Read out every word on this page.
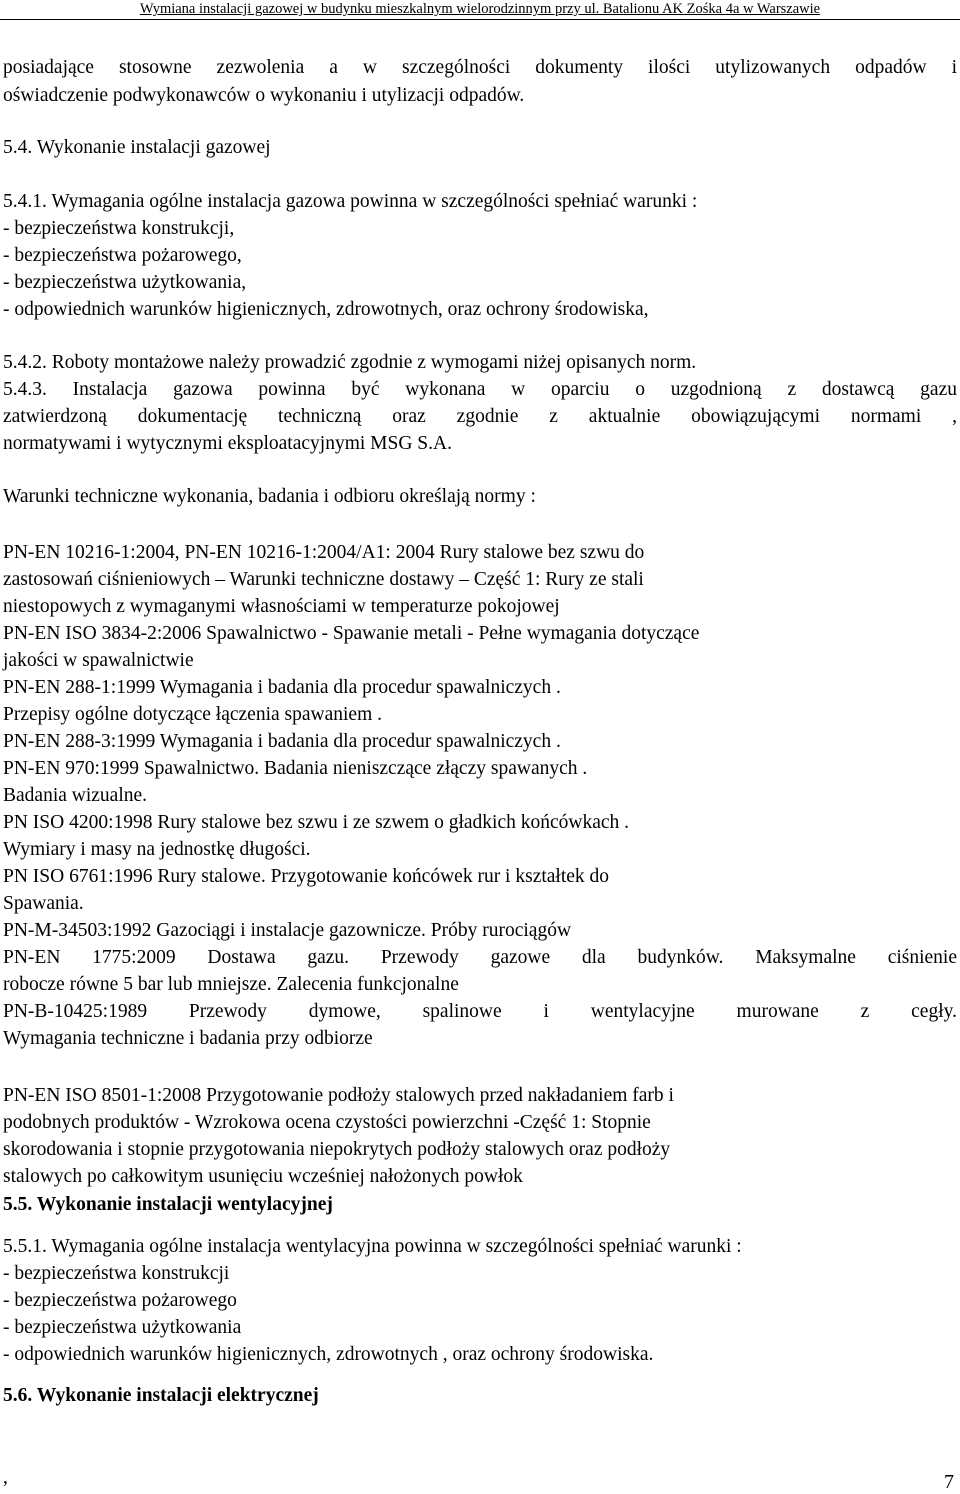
Wymiana instalacji gazowej w budynku mieszkalnym wielorodzinnym przy ul. Batalionu AK Zośka 4a w Warszawie
posiadające stosowne zezwolenia a w szczególności dokumenty ilości utylizowanych odpadów i
oświadczenie podwykonawców o wykonaniu i utylizacji odpadów.
5.4. Wykonanie instalacji gazowej
5.4.1. Wymagania ogólne instalacja gazowa powinna w szczególności spełniać warunki :
- bezpieczeństwa konstrukcji,
- bezpieczeństwa pożarowego,
- bezpieczeństwa użytkowania,
- odpowiednich warunków higienicznych, zdrowotnych, oraz ochrony środowiska,
5.4.2. Roboty montażowe należy prowadzić zgodnie z wymogami niżej opisanych norm.
5.4.3. Instalacja gazowa powinna być wykonana w oparciu o uzgodnioną z dostawcą gazu
zatwierdzoną dokumentację techniczną oraz zgodnie z aktualnie obowiązującymi normami ,
normatywami i wytycznymi eksploatacyjnymi MSG S.A.
Warunki techniczne wykonania, badania i odbioru określają normy :
PN-EN 10216-1:2004, PN-EN 10216-1:2004/A1: 2004 Rury stalowe bez szwu do
zastosowań ciśnieniowych – Warunki techniczne dostawy – Część 1: Rury ze stali
niestopowych z wymaganymi własnościami w temperaturze pokojowej
PN-EN ISO 3834-2:2006 Spawalnictwo - Spawanie metali - Pełne wymagania dotyczące
jakości w spawalnictwie
PN-EN 288-1:1999 Wymagania i badania dla procedur spawalniczych .
Przepisy ogólne dotyczące łączenia spawaniem .
PN-EN 288-3:1999 Wymagania i badania dla procedur spawalniczych .
PN-EN 970:1999 Spawalnictwo. Badania nieniszczące złączy spawanych .
Badania wizualne.
PN ISO 4200:1998 Rury stalowe bez szwu i ze szwem o gładkich końcówkach .
Wymiary i masy na jednostkę długości.
PN ISO 6761:1996 Rury stalowe. Przygotowanie końcówek rur i kształtek do
Spawania.
PN-M-34503:1992 Gazociągi i instalacje gazownicze. Próby rurociągów
PN-EN 1775:2009 Dostawa gazu. Przewody gazowe dla budynków. Maksymalne ciśnienie
robocze równe 5 bar lub mniejsze. Zalecenia funkcjonalne
PN-B-10425:1989 Przewody dymowe, spalinowe i wentylacyjne murowane z cegły.
Wymagania techniczne i badania przy odbiorze
PN-EN ISO 8501-1:2008 Przygotowanie podłoży stalowych przed nakładaniem farb i
podobnych produktów - Wzrokowa ocena czystości powierzchni -Część 1: Stopnie
skorodowania i stopnie przygotowania niepokrytych podłoży stalowych oraz podłoży
stalowych po całkowitym usunięciu wcześniej nałożonych powłok
5.5. Wykonanie instalacji wentylacyjnej
5.5.1. Wymagania ogólne instalacja wentylacyjna powinna w szczególności spełniać warunki :
- bezpieczeństwa konstrukcji
- bezpieczeństwa pożarowego
- bezpieczeństwa użytkowania
- odpowiednich warunków higienicznych, zdrowotnych , oraz ochrony środowiska.
5.6. Wykonanie instalacji elektrycznej
,	7
